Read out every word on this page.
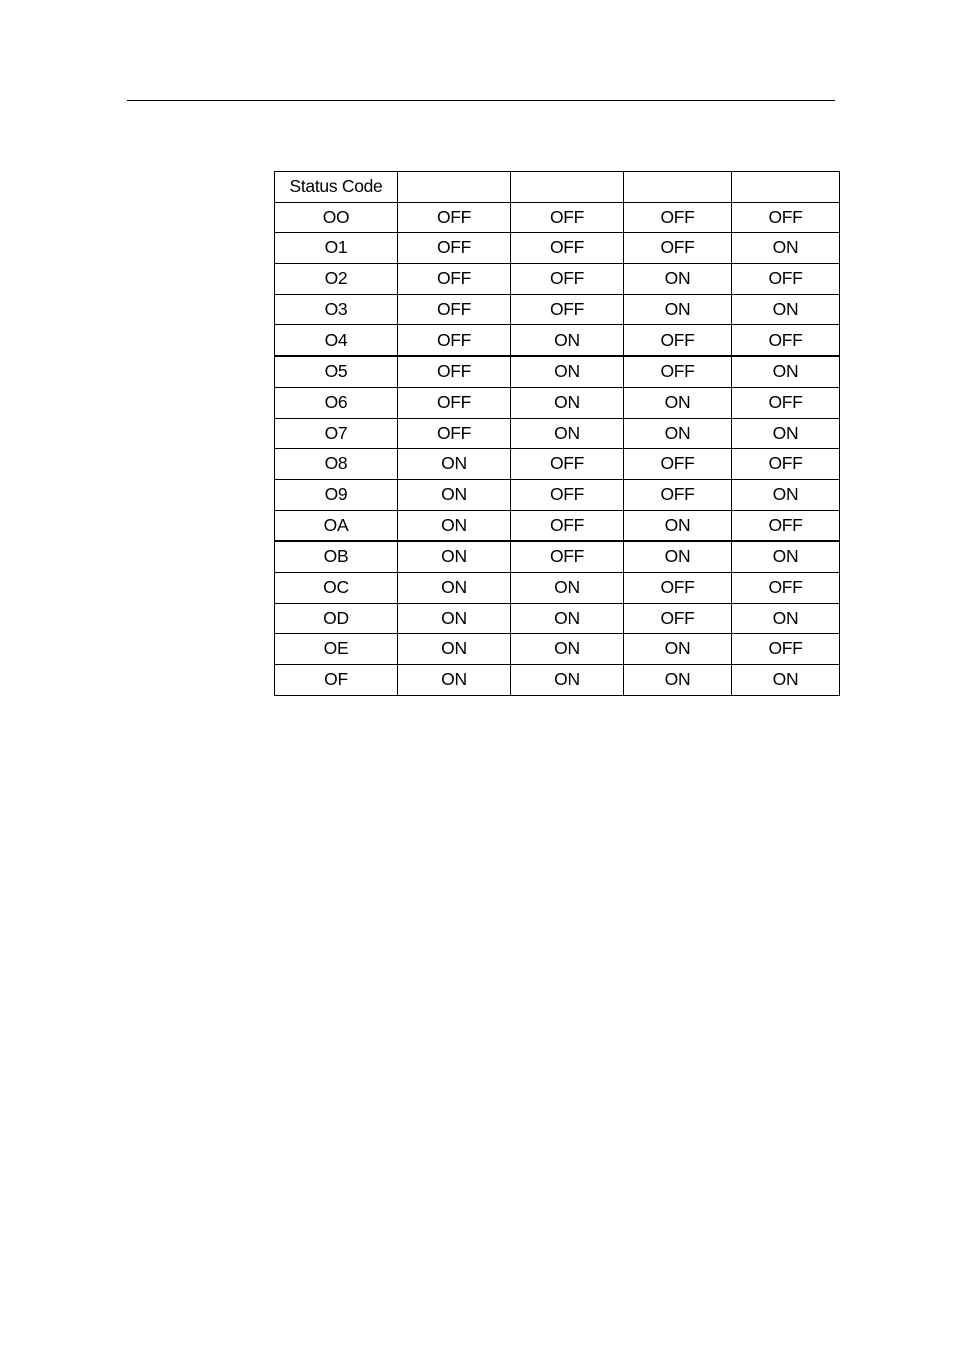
Status Code				
OO	OFF	OFF	OFF	OFF
O1	OFF	OFF	OFF	ON
O2	OFF	OFF	ON	OFF
O3	OFF	OFF	ON	ON
O4	OFF	ON	OFF	OFF
O5	OFF	ON	OFF	ON
O6	OFF	ON	ON	OFF
O7	OFF	ON	ON	ON
O8	ON	OFF	OFF	OFF
O9	ON	OFF	OFF	ON
OA	ON	OFF	ON	OFF
OB	ON	OFF	ON	ON
OC	ON	ON	OFF	OFF
OD	ON	ON	OFF	ON
OE	ON	ON	ON	OFF
OF	ON	ON	ON	ON
